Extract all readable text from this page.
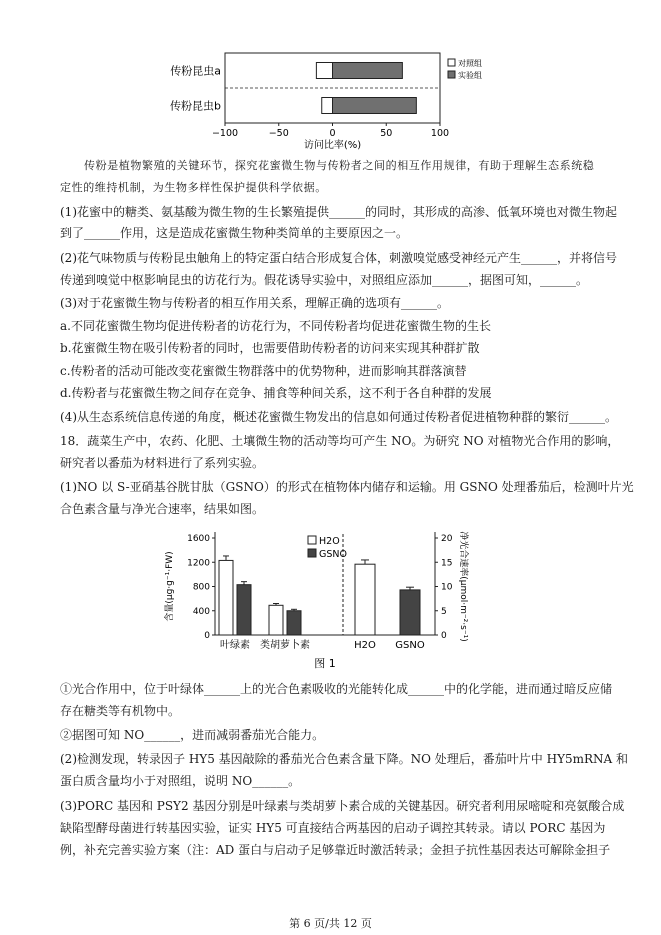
传粉昆虫a
传粉昆虫b
−100	−50	0	50	100
访问比率(%)
对照组
实验组
传粉是植物繁殖的关键环节，探究花蜜微生物与传粉者之间的相互作用规律，有助于理解生态系统稳
定性的维持机制，为生物多样性保护提供科学依据。
(1)花蜜中的糖类、氨基酸为微生物的生长繁殖提供______的同时，其形成的高渗、低氧环境也对微生物起
到了______作用，这是造成花蜜微生物种类简单的主要原因之一。
(2)花气味物质与传粉昆虫触角上的特定蛋白结合形成复合体，刺激嗅觉感受神经元产生______，并将信号
传递到嗅觉中枢影响昆虫的访花行为。假花诱导实验中，对照组应添加______，据图可知，______。
(3)对于花蜜微生物与传粉者的相互作用关系，理解正确的选项有______。
a.不同花蜜微生物均促进传粉者的访花行为，不同传粉者均促进花蜜微生物的生长
b.花蜜微生物在吸引传粉者的同时，也需要借助传粉者的访问来实现其种群扩散
c.传粉者的活动可能改变花蜜微生物群落中的优势物种，进而影响其群落演替
d.传粉者与花蜜微生物之间存在竞争、捕食等种间关系，这不利于各自种群的发展
(4)从生态系统信息传递的角度，概述花蜜微生物发出的信息如何通过传粉者促进植物种群的繁衍______。
18．蔬菜生产中，农药、化肥、土壤微生物的活动等均可产生 NO。为研究 NO 对植物光合作用的影响，
研究者以番茄为材料进行了系列实验。
(1)NO 以 S-亚硝基谷胱甘肽（GSNO）的形式在植物体内储存和运输。用 GSNO 处理番茄后，检测叶片光
合色素含量与净光合速率，结果如图。
0
400
800
1200
1600
0
5
10
15
20
含量(μg·g⁻¹·FW)	净光合速率(μmol·m⁻²·s⁻¹)
叶绿素 类胡萝卜素	H2O GSNO
H2O
GSNO
图 1
①光合作用中，位于叶绿体______上的光合色素吸收的光能转化成______中的化学能，进而通过暗反应储
存在糖类等有机物中。
②据图可知 NO______，进而减弱番茄光合能力。
(2)检测发现，转录因子 HY5 基因敲除的番茄光合色素含量下降。NO 处理后，番茄叶片中 HY5mRNA 和
蛋白质含量均小于对照组，说明 NO______。
(3)PORC 基因和 PSY2 基因分别是叶绿素与类胡萝卜素合成的关键基因。研究者利用尿嘧啶和亮氨酸合成
缺陷型酵母菌进行转基因实验，证实 HY5 可直接结合两基因的启动子调控其转录。请以 PORC 基因为
例，补充完善实验方案（注：AD 蛋白与启动子足够靠近时激活转录；金担子抗性基因表达可解除金担子
第 6 页/共 12 页
